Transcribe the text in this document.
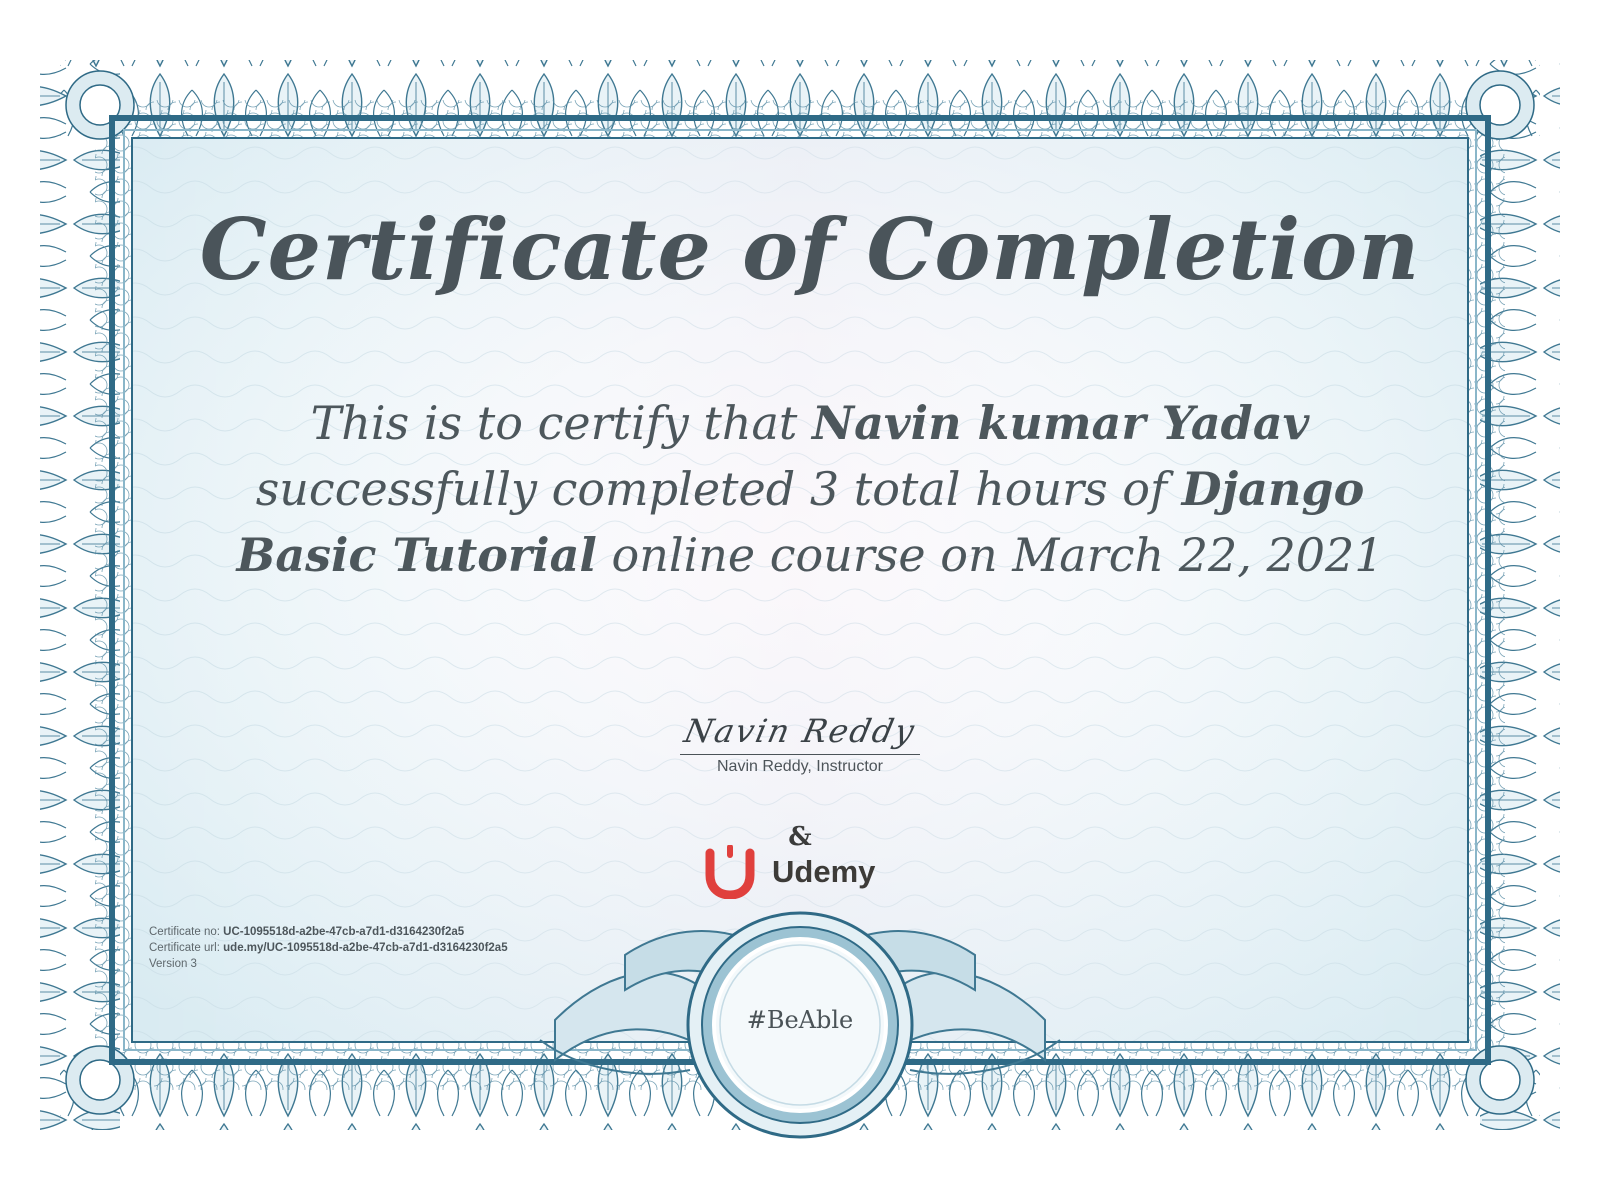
Certificate of Completion

This is to certify that Navin kumar Yadav successfully completed 3 total hours of Django Basic Tutorial online course on March 22, 2021

Navin Reddy
Navin Reddy, Instructor
&
Udemy
Certificate no: UC-1095518d-a2be-47cb-a7d1-d3164230f2a5
Certificate url: ude.my/UC-1095518d-a2be-47cb-a7d1-d3164230f2a5
Version 3
#BeAble
